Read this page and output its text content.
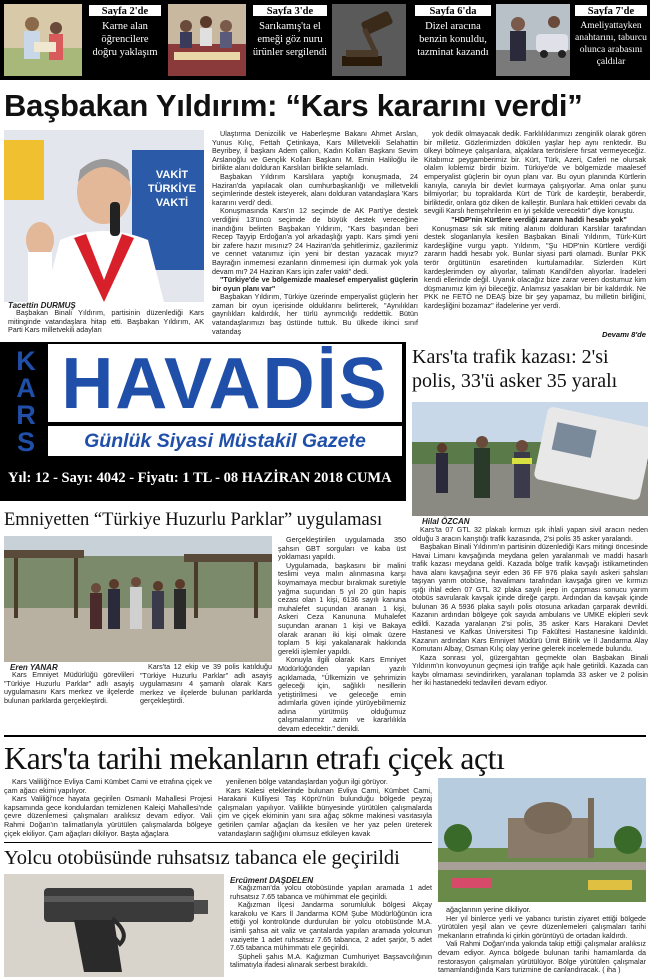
Sayfa 2'de
Karne alan öğrencilere doğru yaklaşım
Sayfa 3'de
Sarıkamış'ta el emeği göz nuru ürünler sergilendi
Sayfa 6'da
Dizel aracına benzin konuldu, tazminat kazandı
Sayfa 7'de
Ameliyattayken anahtarını, taburcu olunca arabasını çaldılar
Başbakan Yıldırım: “Kars kararını verdi”
VAKİT TÜRKİYE VAKTİ
Tacettin DURMUŞ

Başbakan Binali Yıldırım, partisinin düzenlediği Kars mitinginde vatandaşlara hitap etti. Başbakan Yıldırım, AK Parti Kars milletvekili adayları

Ulaştırma Denizcilik ve Haberleşme Bakanı Ahmet Arslan, Yunus Kılıç, Fettah Çetinkaya, Kars Milletvekili Selahattin Beyribey, il başkanı Adem çalkın, Kadın Kolları Başkanı Sevim Arslanoğlu ve Gençlik Kolları Başkanı M. Emin Haliloğlu ile birlikte alanı dolduran Karslıları birlikte selamladı.

Başbakan Yıldırım Karslılara yaptığı konuşmada, 24 Haziran'da yapılacak olan cumhurbaşkanlığı ve milletvekili seçimlerinde destek isteyerek, alanı dolduran vatandaşlara 'Kars kararını verdi' dedi.

Konuşmasında Kars'ın 12 seçimde de AK Parti'ye destek verdiğini 13'üncü seçimde de büyük destek vereceğine inandığını belirten Başbakan Yıldırım, "Kars başından beri Recep Tayyip Erdoğan'a yol arkadaşlığı yaptı. Kars şimdi yeni bir zafere hazır mısınız? 24 Haziran'da şehitlerimiz, gazilerimiz ve cennet vatanımız için yeni bir destan yazacak mıyız? Bayrağın inmemesi ezanların dinmemesi için durmak yok yola devam mı? 24 Haziran Kars için zafer vakti" dedi.

"Türkiye'de ve bölgemizde maalesef emperyalist güçlerin bir oyun planı var"

Başbakan Yıldırım, Türkiye üzerinde emperyalist güçlerin her zaman bir oyun içerisinde olduklarını belirterek, "Aynılıkları gayrılıkları kaldırdık, her türlü ayrımcılığı reddettik. Bütün vatandaşlarımızı baş üstünde tuttuk. Bu ülkede ikinci sınıf vatandaş

yok dedik olmayacak dedik. Farklılıklarımızı zenginlik olarak gören bir milletiz. Gözlerimizden dökülen yaşlar hep aynı renktedir. Bu ülkeyi bölmeye çalışanlara, alçaklara terörislere fırsat vermeyeceğiz. Kitabımız peygamberimiz bir. Kürt, Türk, Azeri, Caferi ne olursak olalım kıblemiz birdir bizim. Türkiye'de ve bölgemizde maalesef emperyalist güçlerin bir oyun planı var. Bu oyun planında Kürtlerin kanıyla, canıyla bir devlet kurmaya çalışıyorlar. Ama onlar şunu bilmiyorlar; bu topraklarda Kürt de Türk de kardeştir, beraberdir, birliktedir, onlara göz diken de kalleştir. Bunlara hak ettikleri cevabı da sevgili Karslı hemşehrilerim en iyi şekilde verecektir" diye konuştu.

"HDP'nin Kürtlere verdiği zararın haddi hesabı yok"

Konuşması sık sık miting alanını dolduran Karslılar tarafından destek sloganlarıyla kesilen Başbakan Binali Yıldırım, Türk-Kürt kardeşliğine vurgu yaptı. Yıldırım, "Şu HDP'nin Kürtlere verdiği zararın haddi hesabı yok. Bunlar siyasi parti olamadı. Bunlar PKK terör örgütünün esaretinden kurtulamadılar. Sizlerden Kürt kardeşlerimden oy alıyorlar, talimatı Kandil'den alıyorlar. İradeleri kendi ellerinde değil. Uyanık olacağız bize zarar veren dostumuz kim düşmanımız kim iyi bileceğiz. Anlamsız yasakları bir bir kaldırdık. Ne PKK ne FETÖ ne DEAŞ bize bir şey yapamaz, bu milletin birliğini, kardeşliğini bozamaz" ifadelerine yer verdi.

Devamı 8'de
K
A
R
S
HAVADİS
Günlük Siyasi Müstakil Gazete
Yıl: 12 - Sayı: 4042 - Fiyatı: 1 TL - 08 HAZİRAN 2018 CUMA
Kars'ta trafik kazası: 2'si
polis, 33'ü asker 35 yaralı
Hilal ÖZCAN

Kars'ta 07 GTL 32 plakalı kırmızı ışık ihlali yapan sivil aracın neden olduğu 3 aracın karıştığı trafik kazasında, 2'si polis 35 asker yaralandı.

Başbakan Binali Yıldırım'ın partisinin düzenlediği Kars mitingi öncesinde Havai Limanı kavşağında meydana gelen yaralanmalı ve maddi hasarlı trafik kazası meydana geldi. Kazada bölge trafik kavşağı istikametinden hava alanı kavşağına seyir eden 36 FF 976 plaka sayılı askeri şahsları taşıyan yarım otobüse, havalimanı tarafından kavşağa giren ve kırmızı ışığı ihlal eden 07 GTL 32 plaka sayılı jeep in çarpması sonucu yarım otobüs savrularak kavşak içinde direğe çarptı. Ardından da kavşak içinde bulunan 36 A 5936 plaka sayılı polis otosuna arkadan çarparak devrildi. Kazanın ardından bölgeye çok sayıda ambulans ve UMKE ekipleri sevk edildi. Kazada yaralanan 2'si polis, 35 asker Kars Harakani Devlet Hastanesi ve Kafkas Üniversitesi Tıp Fakültesi Hastanesine kaldırıldı. Kazanın ardından Kars Emniyet Müdürü Ümit Bitirik ve İl Jandarma Alay Komutanı Albay, Osman Kılıç olay yerine gelerek incelemede bulundu.

Kaza sonrası yol, güzergahtan geçmekte olan Başbakan Binali Yıldırım'ın konvoyunun geçmesi için trafiğe açık hale getirildi. Kazada can kaybı olmaması sevindirirken, yaralanan toplamda 33 asker ve 2 polisin her iki hastanedeki tedavileri devam ediyor.

Emniyetten “Türkiye Huzurlu Parklar” uygulaması
Eren YANAR

Kars Emniyet Müdürlüğü görevlileri "Türkiye Huzurlu Parklar" adlı asayiş uygulamasını Kars merkez ve ilçelerde bulunan parklarda gerçekleştirdi.

Kars'ta 12 ekip ve 39 polis katılduğu "Türkiye Huzurlu Parklar" adlı asayiş uygulamasını 4 şamanlı olarak Kars merkez ve ilçelerde bulunan parklarda gerçekleştirdi.

Gerçekleştirilen uygulamada 350 şahsın GBT sorguları ve kaba üst yoklaması yapıldı.

Uygulamada, başkasını bir malini teslimi veya malın alınmasına karşı koymamaya mecbur bırakmak suretiyle yağma suçundan 5 yıl 20 gün hapis cezası olan 1 kişi, 6136 sayılı kanuna muhalefet suçundan aranan 1 kişi, Askeri Ceza Kanununa Muhalefet suçundan aranan 1 kişi ve Bakaya olarak aranan iki kişi olmak üzere toplam 5 kişi yakalanarak hakkında gerekli işlemler yapıldı.

Konuyla ilgili olarak Kars Emniyet Müdürlüğünden yapılan yazılı açıklamada, "Ülkemizin ve şehrimizin geleceği için, sağlıklı nesillerin yetiştirilmesi ve geleceğe emin adımlarla güven içinde yürüyebilmemiz adına yürütmüş olduğumuz çalışmalarımız azim ve kararlılıkla devam edecektir." denildi.

Kars'ta tarihi mekanların etrafı çiçek açtı

Kars Valiliği'nce Evliya Cami Kümbet Cami ve etrafına çiçek ve çam ağacı ekimi yapılıyor.

Kars Valiliği'nce hayata geçirilen Osmanlı Mahallesi Projesi kapsamında gece kondulardan temizlenen Kaleiçi Mahallesi'nde çevre düzenlemesi çalışmaları aralıksız devam ediyor. Vali Rahmi Doğan'ın talimatlarıyla yürütülen çalışmalarda bölgeye çiçek ekiliyor. Çam ağaçları dikiliyor. Başta ağaçlara

yenilenen bölge vatandaşlardan yoğun ilgi görüyor.

Kars Kalesi eteklerinde bulunan Evliya Cami, Kümbet Cami, Harakani Külliyesi Taş Köprü'nün bulunduğu bölgede peyzaj çalışmaları yapılıyor. Valilikte bünyesinde yürütülen çalışmalarda çim ve çiçek ekiminin yanı sıra ağaç sökme makinesi vasıtasıyla getirilen çamlar ağaçları da kesilen ve her yaz pelen üreterek vatandaşların sağlığını olumsuz etkileyen kavak

ağaçlarının yerine dikiliyor.

Her yıl binlerce yerli ve yabancı turistin ziyaret ettiği bölgede yürütülen yeşil alan ve çevre düzenlemeleri çalışmaları tarihi mekanların etrafında ki çirkin görüntüyü de ortadan kaldırdı.

Vali Rahmi Doğan'ında yakında takip ettiği çalışmalar aralıksız devam ediyor. Ayrıca bölgede bulunan tarihi hamamlarda da restorasyon çalışmaları yürütülüyor. Bölge yürütülen çalışmalar tamamlandığında Kars turizmine de canlandıracak. ( iha )

Yolcu otobüsünde ruhsatsız tabanca ele geçirildi
Ercüment DAŞDELEN

Kağızman'da yolcu otobüsünde yapılan aramada 1 adet ruhsatsız 7.65 tabanca ve mühimmat ele geçirildi.

Kağızman İlçesi Jandarma sorumluluk bölgesi Akçay karakolu ve Kars İl Jandarma KOM Şube Müdürlüğünün icra ettiği yol kontrolünde durdurulan bir yolcu otobüsünde M.A. isimli şahsa ait valiz ve çantalarda yapılan aramada yolcunun vaziyette 1 adet ruhsatsız 7.65 tabanca, 2 adet şarjör, 5 adet 7.65 tabanca mühimmatı ele geçirildi.

Şüpheli şahıs M.A. Kağızman Cumhuriyet Başsavcılığının talimatıyla ifadesi alınarak serbest bırakıldı.
